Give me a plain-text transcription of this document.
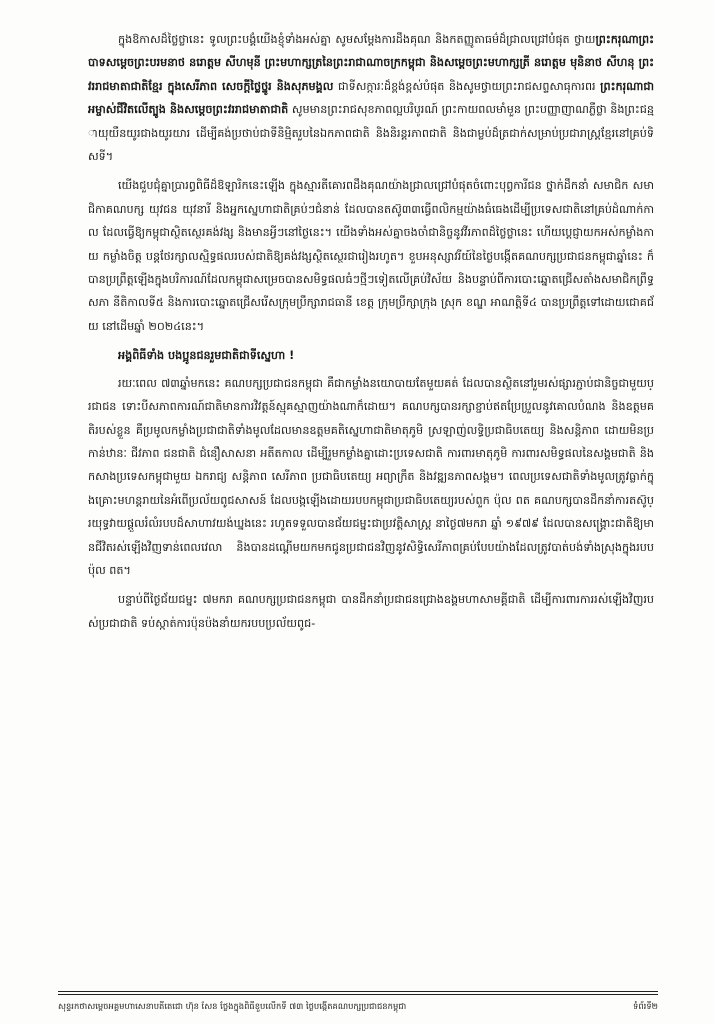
ក្នុងឱកាសដ៏ថ្លៃថ្លានេះ ទូលព្រះបង្គំយើងខ្ញុំទាំងអស់គ្នា សូមសម្ដែងការដឹងគុណ និងកតញ្ញូតាធម៌ដ៏ជ្រាលជ្រៅបំផុត ថ្វាយព្រះករុណាព្រះបាទសម្ដេចព្រះបរមនាថ នរោត្តម សីហមុនី ព្រះមហាក្សត្រនៃព្រះរាជាណាចក្រកម្ពុជា និងសម្ដេចព្រះមហាក្សត្រី នរោត្តម មុនិនាថ សីហនុ ព្រះវររាជមាតាជាតិខ្មែរ ក្នុងសេរីភាព សេចក្ដីថ្លៃថ្នូរ និងសុភមង្គល ជាទីសក្ការៈដ៏ខ្ពង់ខ្ពស់បំផុត និងសូមថ្វាយព្រះរាជសព្ទសាធុការពរ ព្រះករុណាជាអម្ចាស់ជីវិតលើត្បូង និងសម្ដេចព្រះវររាជមាតាជាតិ សូមមានព្រះរាជសុខភាពល្អបរិបូរណ៍ ព្រះកាយពលមាំមួន ព្រះបញ្ញាញាណភ្លឺថ្លា និងព្រះជន្មាយុយឺនយូរជាងយូរយារ ដើម្បីគង់ប្រថាប់ជាទីនិម្មិតរួបនៃឯកភាពជាតិ និងនិរន្តរភាពជាតិ និងជាម្លប់ដ៏ត្រជាក់សម្រាប់ប្រជារាស្ត្រខ្មែរនៅគ្រប់ទិសទី។

យើងជួបជុំគ្នាប្រារព្ធពិធីដ៏ឱឡារិកនេះឡើង ក្នុងស្មារតីគោរពដឹងគុណយ៉ាងជ្រាលជ្រៅបំផុតចំពោះបុព្វការីជន ថ្នាក់ដឹកនាំ សមាជិក សមាជិកាគណបក្ស យុវជន យុវនារី និងអ្នកស្នេហាជាតិគ្រប់ៗជំនាន់ ដែលបានតស៊ូ៣៣ធ្វើពលិកម្មយ៉ាងធំធេងដើម្បីប្រទេសជាតិនៅគ្រប់ដំណាក់កាល ដែលធ្វើឱ្យកម្ពុជាស្ថិតស្ថេរគង់វង្ស និងមានអ្វីៗនៅថ្ងៃនេះ។ យើងទាំងអស់គ្នាចងចាំជានិច្ចនូវវីរភាពដ៏ថ្លៃថ្លានេះ ហើយប្ដេជ្ញាយកអស់កម្លាំងកាយ កម្លាំងចិត្ត បន្តថែរក្សាលស្មិទ្ធផលរបស់ជាតិឱ្យគង់វង្សស្ថិតស្ថេរជារៀងរហូត។ ខួបអនុស្សាវរីយ៍នៃថ្ងៃបង្កើតគណបក្សប្រជាជនកម្ពុជាឆ្នាំនេះ ក៏បានប្រព្រឹត្តឡើងក្នុងបរិការណ៍ដែលកម្ពុជាសម្រេចបានសមិទ្ធផលធំៗថ្មីៗទៀតលើគ្រប់វិស័យ និងបន្ទាប់ពីការបោះឆ្នោតជ្រើសតាំងសមាជិកព្រឹទ្ធសភា នីតិកាលទី៥ និងការបោះឆ្នោតជ្រើសរើសក្រុមប្រឹក្សារាជធានី ខេត្ត ក្រុមប្រឹក្សាក្រុង ស្រុក ខណ្ឌ អាណត្តិទី៤ បានប្រព្រឹត្តទៅដោយជោគជ័យ នៅដើមឆ្នាំ ២០២៤នេះ។

អង្គពិធីទាំង បងប្អូនជនរួមជាតិជាទីស្នេហា !

រយៈពេល ៧៣ឆ្នាំមកនេះ គណបក្សប្រជាជនកម្ពុជា គឺជាកម្លាំងនយោបាយតែមួយគត់ ដែលបានស្ថិតនៅរួមរស់ផ្សារភ្ជាប់ជានិច្ចជាមួយប្រជាជន ទោះបីសភាពការណ៍ជាតិមានការវិវត្ដន៍ស្មុគស្មាញយ៉ាងណាក៏ដោយ។ គណបក្សបានរក្សាខ្ជាប់ឥតប្រែប្រួលនូវគោលបំណង និងឧត្ដមគតិរបស់ខ្លួន គឺប្រមូលកម្លាំងប្រជាជាតិទាំងមូលដែលមានឧត្ដមគតិស្នេហាជាតិមាតុភូមិ ស្រឡាញ់លទ្ធិប្រជាធិបតេយ្យ និងសន្តិភាព ដោយមិនប្រកាន់ឋានៈ ជីវភាព ជនជាតិ ជំនឿសាសនា អតីតកាល ដើម្បីរួមកម្លាំងគ្នាដោះប្រទេសជាតិ ការពារមាតុភូមិ ការពារសមិទ្ធផលនៃសង្គមជាតិ និងកសាងប្រទេសកម្ពុជាមួយ ឯករាជ្យ សន្តិភាព សេរីភាព ប្រជាធិបតេយ្យ អព្យាក្រឹត និងវឌ្ឍនភាពសង្គម។ ពេលប្រទេសជាតិទាំងមូលត្រូវធ្លាក់ក្នុងគ្រោះមហន្តរាយនៃអំពើប្រល័យពូជសាសន៍ ដែលបង្កឡើងដោយរបបកម្ពុជាប្រជាធិបតេយ្យរបស់ពួក ប៉ុល ពត គណបក្សបានដឹកនាំការតស៊ូប្រយុទ្ធវាយផ្ដួលរំលំរបបដ៏សាហាវយង់ឃ្នងនេះ រហូតទទួលបានជ័យជម្នះជាប្រវត្តិសាស្ត្រ នាថ្ងៃ៧មករា ឆ្នាំ ១៩៧៩ ដែលបានសង្គ្រោះជាតិឱ្យមានជីវិតរស់ឡើងវិញទាន់ពេលវេលា និងបានដណ្ដើមយកមកជូនប្រជាជនវិញនូវសិទ្ធិសេរីភាពគ្រប់បែបយ៉ាងដែលត្រូវបាត់បង់ទាំងស្រុងក្នុងរបប ប៉ុល ពត។

បន្ទាប់ពីថ្ងៃជ័យជម្នះ ៧មករា គណបក្សប្រជាជនកម្ពុជា បានដឹកនាំប្រជាជនជ្រោងឧង្គមហាសាមគ្គីជាតិ ដើម្បីការពារការរស់ឡើងវិញរបស់ប្រជាជាតិ ទប់ស្កាត់ការប៉ុនប៉ងនាំយករបបប្រល័យពូជ-

សុន្ទរកថាសម្ដេចអគ្គមហាសេនាបតីតេជោ ហ៊ុន សែន ថ្លែងក្នុងពិធីខួបលើកទី ៧៣ ថ្ងៃបង្កើតគណបក្សប្រជាជនកម្ពុជា	ទំព័រទី២
